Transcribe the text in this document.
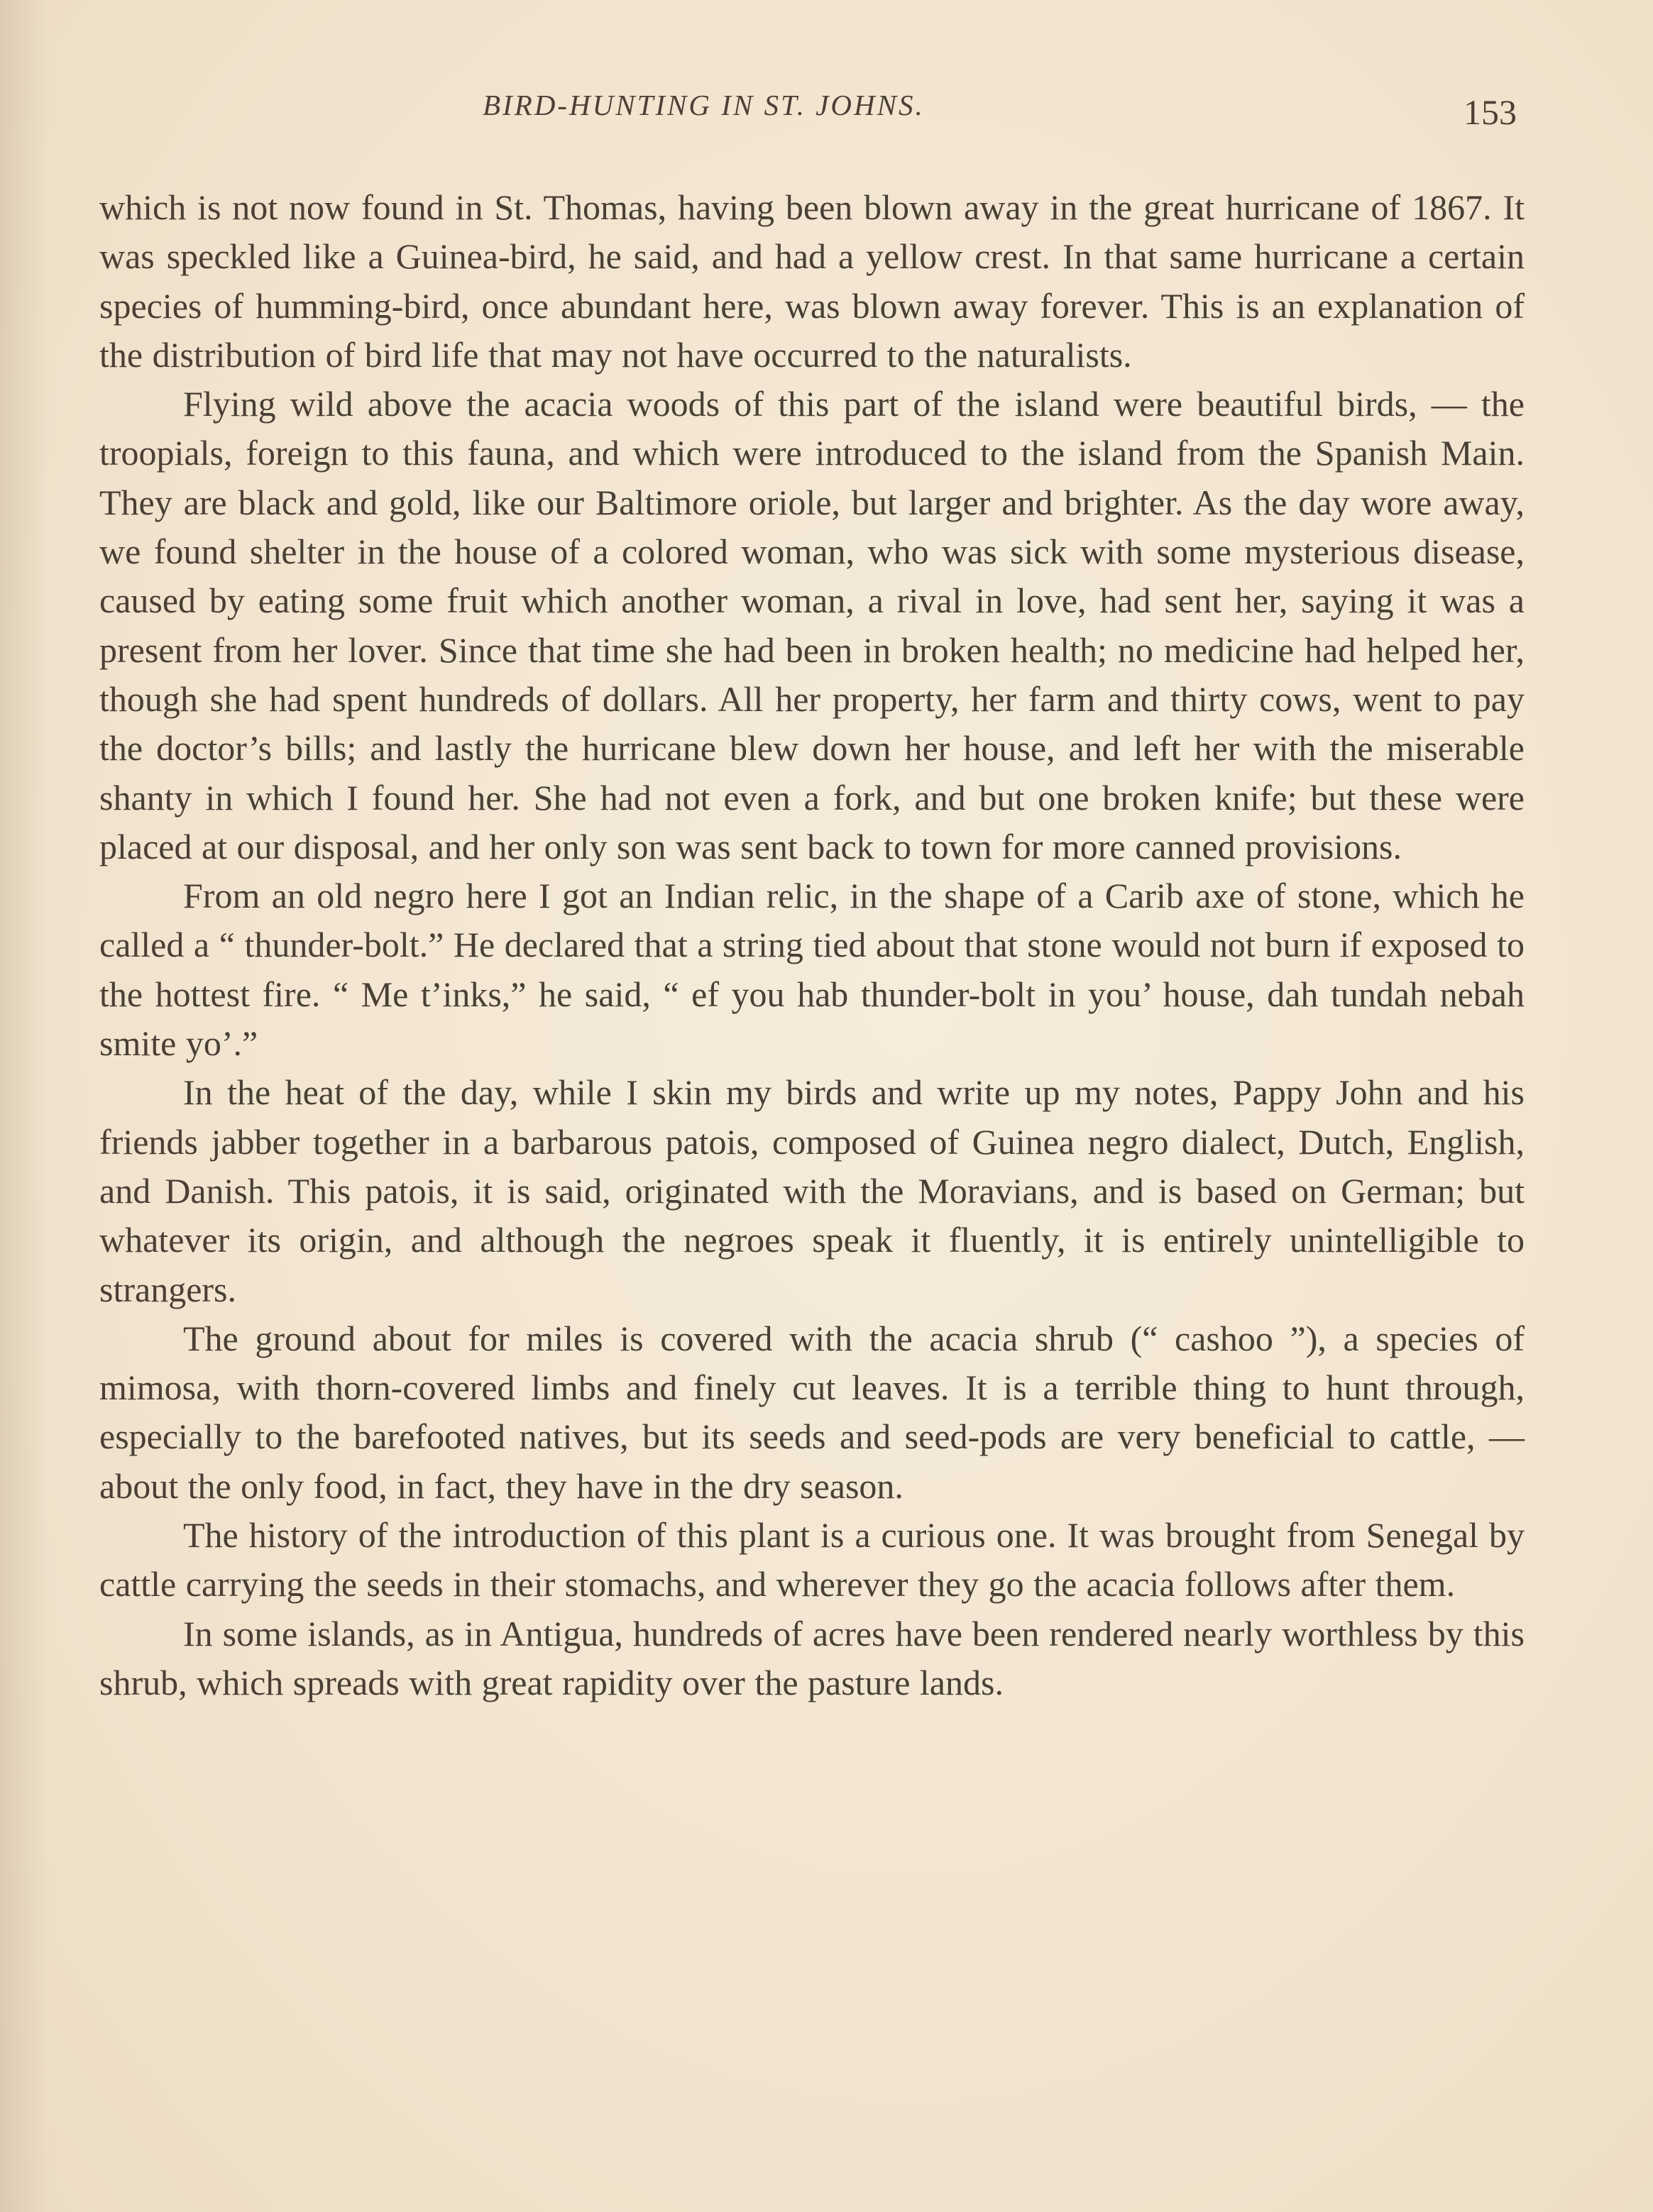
BIRD-HUNTING IN ST. JOHNS.	153

which is not now found in St. Thomas, having been blown away in the great hurricane of 1867. It was speckled like a Guinea-bird, he said, and had a yellow crest. In that same hurricane a certain species of humming-bird, once abundant here, was blown away forever. This is an explanation of the distribution of bird life that may not have occurred to the naturalists.

Flying wild above the acacia woods of this part of the island were beautiful birds, — the troopials, foreign to this fauna, and which were introduced to the island from the Spanish Main. They are black and gold, like our Baltimore oriole, but larger and brighter. As the day wore away, we found shelter in the house of a colored woman, who was sick with some mysterious disease, caused by eating some fruit which another woman, a rival in love, had sent her, saying it was a present from her lover. Since that time she had been in broken health; no medicine had helped her, though she had spent hundreds of dollars. All her property, her farm and thirty cows, went to pay the doctor’s bills; and lastly the hurricane blew down her house, and left her with the miserable shanty in which I found her. She had not even a fork, and but one broken knife; but these were placed at our disposal, and her only son was sent back to town for more canned provisions.

From an old negro here I got an Indian relic, in the shape of a Carib axe of stone, which he called a “ thunder-bolt.” He declared that a string tied about that stone would not burn if exposed to the hottest fire. “ Me t’inks,” he said, “ ef you hab thunder-bolt in you’ house, dah tundah nebah smite yo’.”

In the heat of the day, while I skin my birds and write up my notes, Pappy John and his friends jabber together in a barbarous patois, composed of Guinea negro dialect, Dutch, English, and Danish. This patois, it is said, originated with the Moravians, and is based on German; but whatever its origin, and although the negroes speak it fluently, it is entirely unintelligible to strangers.

The ground about for miles is covered with the acacia shrub (“ cashoo ”), a species of mimosa, with thorn-covered limbs and finely cut leaves. It is a terrible thing to hunt through, especially to the barefooted natives, but its seeds and seed-pods are very beneficial to cattle, — about the only food, in fact, they have in the dry season.

The history of the introduction of this plant is a curious one. It was brought from Senegal by cattle carrying the seeds in their stomachs, and wherever they go the acacia follows after them.

In some islands, as in Antigua, hundreds of acres have been rendered nearly worthless by this shrub, which spreads with great rapidity over the pasture lands.
